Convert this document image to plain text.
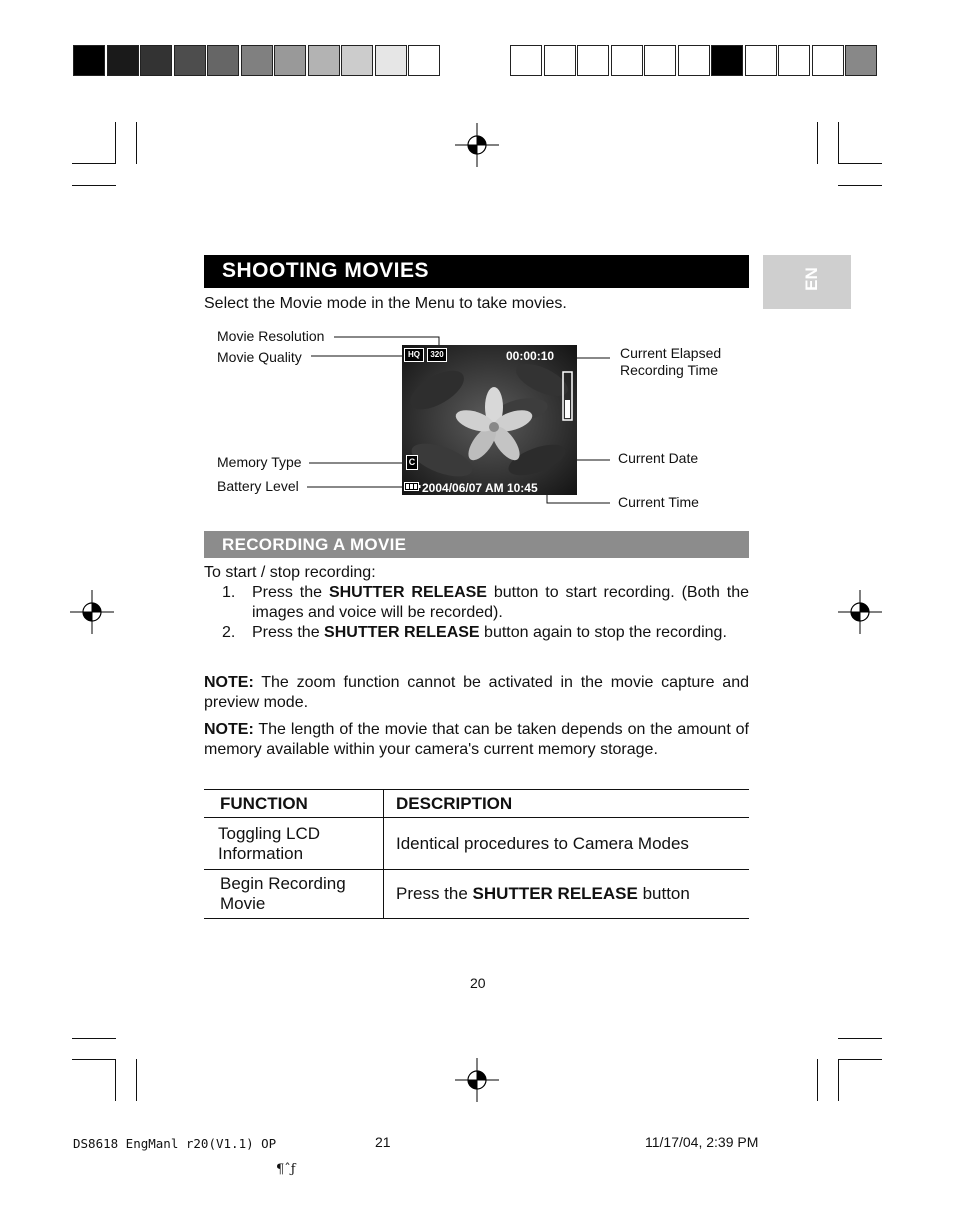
SHOOTING MOVIES	EN
Select the Movie mode in the Menu to take movies.
Movie Resolution
Movie Quality
Memory Type
Battery Level
Current Elapsed
Recording Time
Current Date
Current Time
HQ	320	00:00:10
C
2004/06/07 AM 10:45
RECORDING A MOVIE
To start / stop recording:
1.	Press the SHUTTER RELEASE button to start recording. (Both the images and voice will be recorded).
2.	Press the SHUTTER RELEASE button again to stop the recording.
NOTE: The zoom function cannot be activated in the movie capture and preview mode.
NOTE: The length of the movie that can be taken depends on the amount of memory available within your camera's current memory storage.
FUNCTION	DESCRIPTION
Toggling LCD Information	Identical procedures to Camera Modes
Begin Recording Movie	Press the SHUTTER RELEASE button
20
DS8618 EngManl r20(V1.1) OP	21	11/17/04, 2:39 PM
¶ˆƒ
